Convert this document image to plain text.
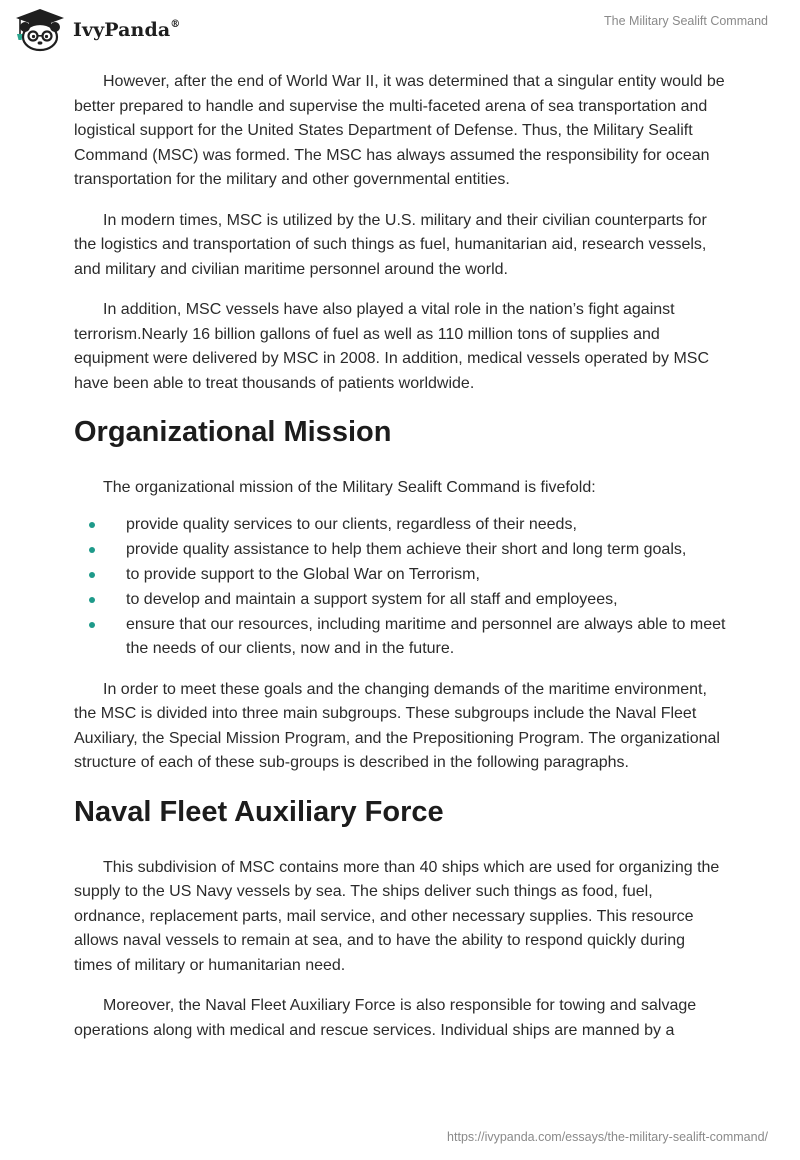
IvyPanda®	The Military Sealift Command

However, after the end of World War II, it was determined that a singular entity would be better prepared to handle and supervise the multi-faceted arena of sea transportation and logistical support for the United States Department of Defense. Thus, the Military Sealift Command (MSC) was formed. The MSC has always assumed the responsibility for ocean transportation for the military and other governmental entities.

In modern times, MSC is utilized by the U.S. military and their civilian counterparts for the logistics and transportation of such things as fuel, humanitarian aid, research vessels, and military and civilian maritime personnel around the world.

In addition, MSC vessels have also played a vital role in the nation’s fight against terrorism.Nearly 16 billion gallons of fuel as well as 110 million tons of supplies and equipment were delivered by MSC in 2008. In addition, medical vessels operated by MSC have been able to treat thousands of patients worldwide.

Organizational Mission

The organizational mission of the Military Sealift Command is fivefold:

provide quality services to our clients, regardless of their needs,
provide quality assistance to help them achieve their short and long term goals,
to provide support to the Global War on Terrorism,
to develop and maintain a support system for all staff and employees,
ensure that our resources, including maritime and personnel are always able to meet the needs of our clients, now and in the future.

In order to meet these goals and the changing demands of the maritime environment, the MSC is divided into three main subgroups. These subgroups include the Naval Fleet Auxiliary, the Special Mission Program, and the Prepositioning Program. The organizational structure of each of these sub-groups is described in the following paragraphs.

Naval Fleet Auxiliary Force

This subdivision of MSC contains more than 40 ships which are used for organizing the supply to the US Navy vessels by sea. The ships deliver such things as food, fuel, ordnance, replacement parts, mail service, and other necessary supplies. This resource allows naval vessels to remain at sea, and to have the ability to respond quickly during times of military or humanitarian need.

Moreover, the Naval Fleet Auxiliary Force is also responsible for towing and salvage operations along with medical and rescue services. Individual ships are manned by a

https://ivypanda.com/essays/the-military-sealift-command/
